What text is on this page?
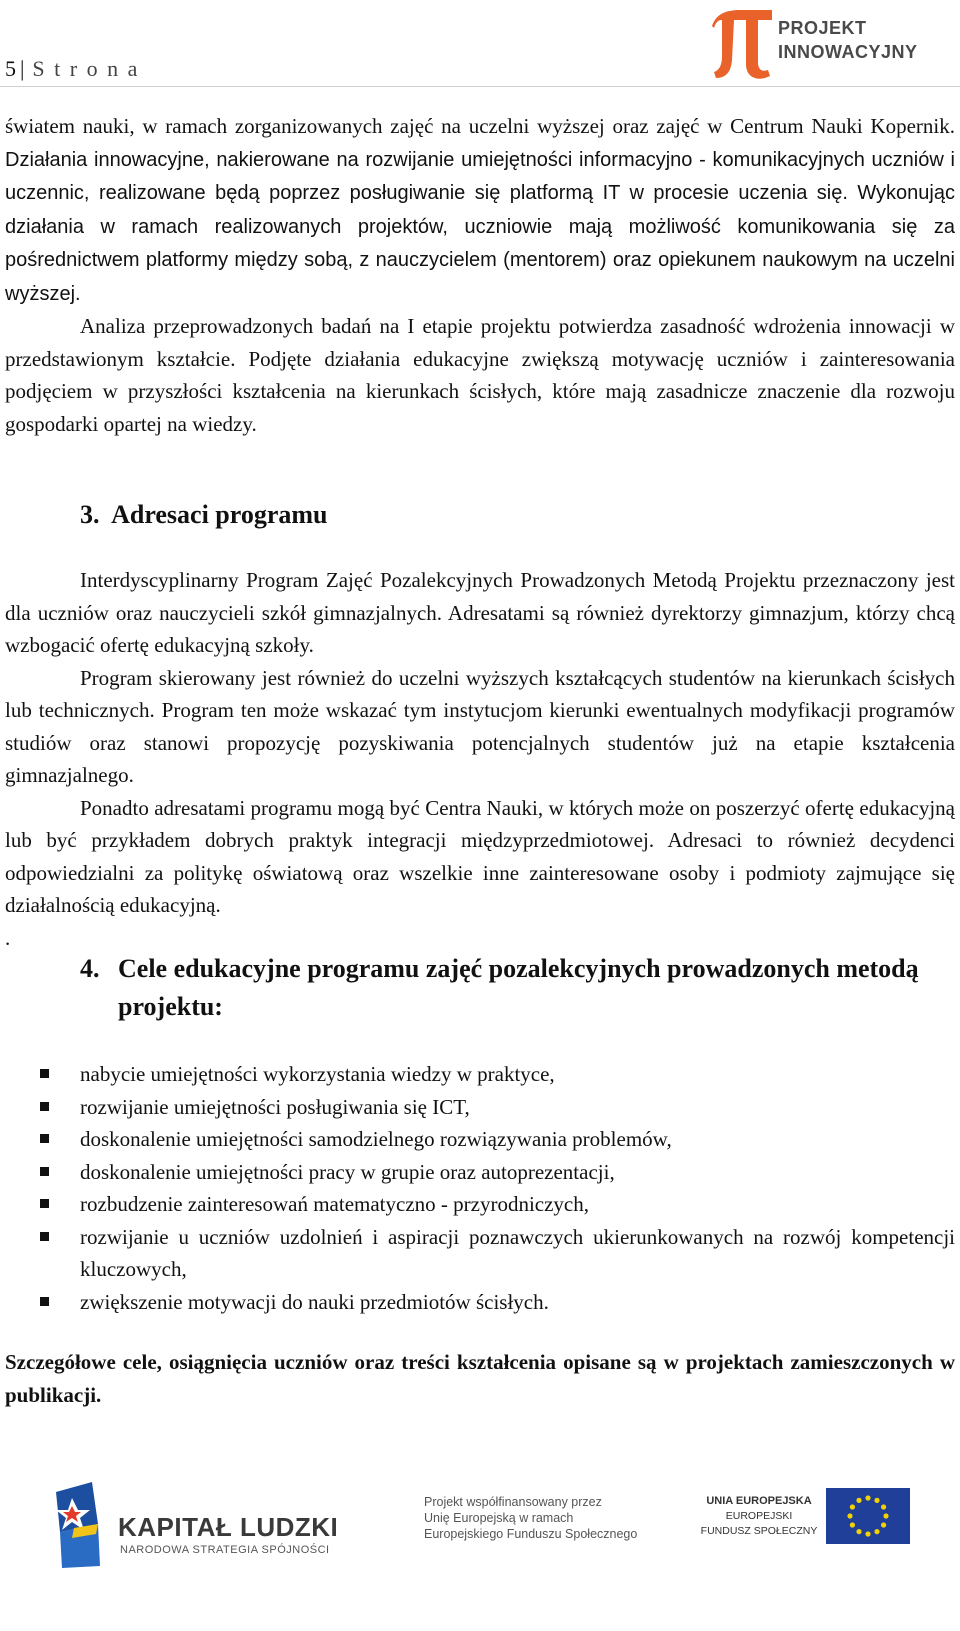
5| S t r o n a
PROJEKT
INNOWACYJNY

światem nauki, w ramach zorganizowanych zajęć na uczelni wyższej oraz zajęć w Centrum Nauki Kopernik. Działania innowacyjne, nakierowane na rozwijanie umiejętności informacyjno - komunikacyjnych uczniów i uczennic, realizowane będą poprzez posługiwanie się platformą IT w procesie uczenia się. Wykonując działania w ramach realizowanych projektów, uczniowie mają możliwość komunikowania się za pośrednictwem platformy między sobą, z nauczycielem (mentorem) oraz opiekunem naukowym na uczelni wyższej.

Analiza przeprowadzonych badań na I etapie projektu potwierdza zasadność wdrożenia innowacji w przedstawionym kształcie. Podjęte działania edukacyjne zwiększą motywację uczniów i zainteresowania podjęciem w przyszłości kształcenia na kierunkach ścisłych, które mają zasadnicze znaczenie dla rozwoju gospodarki opartej na wiedzy.

3. Adresaci programu

Interdyscyplinarny Program Zajęć Pozalekcyjnych Prowadzonych Metodą Projektu przeznaczony jest dla uczniów oraz nauczycieli szkół gimnazjalnych. Adresatami są również dyrektorzy gimnazjum, którzy chcą wzbogacić ofertę edukacyjną szkoły.

Program skierowany jest również do uczelni wyższych kształcących studentów na kierunkach ścisłych lub technicznych. Program ten może wskazać tym instytucjom kierunki ewentualnych modyfikacji programów studiów oraz stanowi propozycję pozyskiwania potencjalnych studentów już na etapie kształcenia gimnazjalnego.

Ponadto adresatami programu mogą być Centra Nauki, w których może on poszerzyć ofertę edukacyjną lub być przykładem dobrych praktyk integracji międzyprzedmiotowej. Adresaci to również decydenci odpowiedzialni za politykę oświatową oraz wszelkie inne zainteresowane osoby i podmioty zajmujące się działalnością edukacyjną.

.

4. Cele edukacyjne programu zajęć pozalekcyjnych prowadzonych metodą projektu:
nabycie umiejętności wykorzystania wiedzy w praktyce,
rozwijanie umiejętności posługiwania się ICT,
doskonalenie umiejętności samodzielnego rozwiązywania problemów,
doskonalenie umiejętności pracy w grupie oraz autoprezentacji,
rozbudzenie zainteresowań matematyczno - przyrodniczych,
rozwijanie u uczniów uzdolnień i aspiracji poznawczych ukierunkowanych na rozwój kompetencji kluczowych,
zwiększenie motywacji do nauki przedmiotów ścisłych.

Szczegółowe cele, osiągnięcia uczniów oraz treści kształcenia opisane są w projektach zamieszczonych w publikacji.

KAPITAŁ LUDZKI
NARODOWA STRATEGIA SPÓJNOŚCI
Projekt współfinansowany przez
Unię Europejską w ramach
Europejskiego Funduszu Społecznego
UNIA EUROPEJSKA
EUROPEJSKI
FUNDUSZ SPOŁECZNY
